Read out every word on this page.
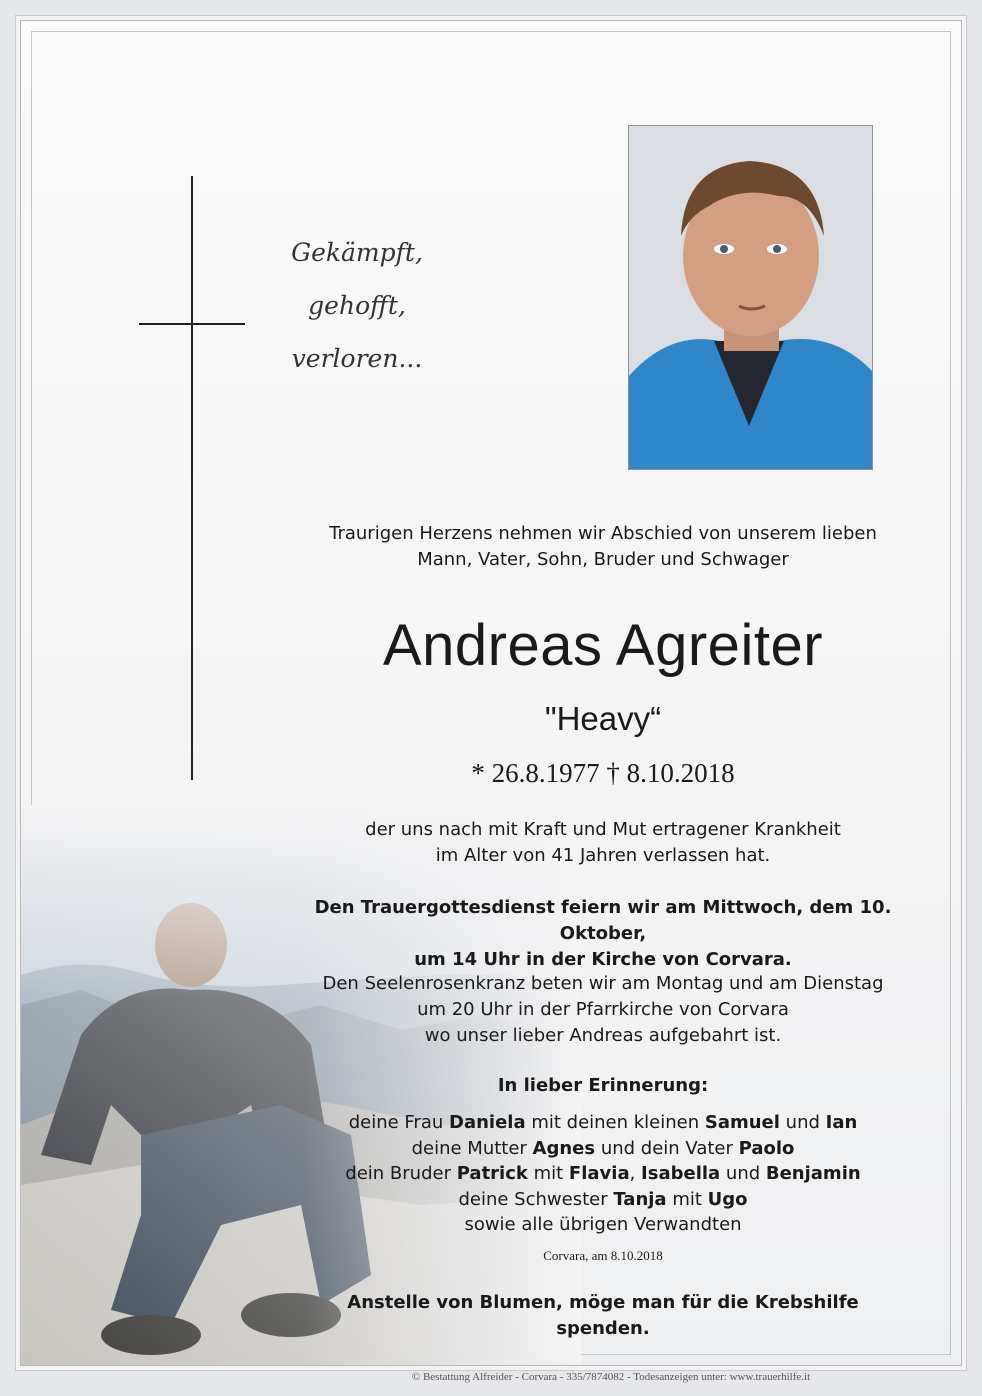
Gekämpft,
gehofft,
verloren...
Traurigen Herzens nehmen wir Abschied von unserem lieben
Mann, Vater, Sohn, Bruder und Schwager
Andreas Agreiter
"Heavy“
* 26.8.1977 † 8.10.2018
der uns nach mit Kraft und Mut ertragener Krankheit
im Alter von 41 Jahren verlassen hat.
Den Trauergottesdienst feiern wir am Mittwoch, dem 10. Oktober,
um 14 Uhr in der Kirche von Corvara.
Den Seelenrosenkranz beten wir am Montag und am Dienstag
um 20 Uhr in der Pfarrkirche von Corvara
wo unser lieber Andreas aufgebahrt ist.
In lieber Erinnerung:
deine Frau Daniela mit deinen kleinen Samuel und Ian
deine Mutter Agnes und dein Vater Paolo
dein Bruder Patrick mit Flavia, Isabella und Benjamin
deine Schwester Tanja mit Ugo
sowie alle übrigen Verwandten
Corvara, am 8.10.2018
Anstelle von Blumen, möge man für die Krebshilfe spenden.
© Bestattung Alfreider - Corvara - 335/7874082 - Todesanzeigen unter: www.trauerhilfe.it
